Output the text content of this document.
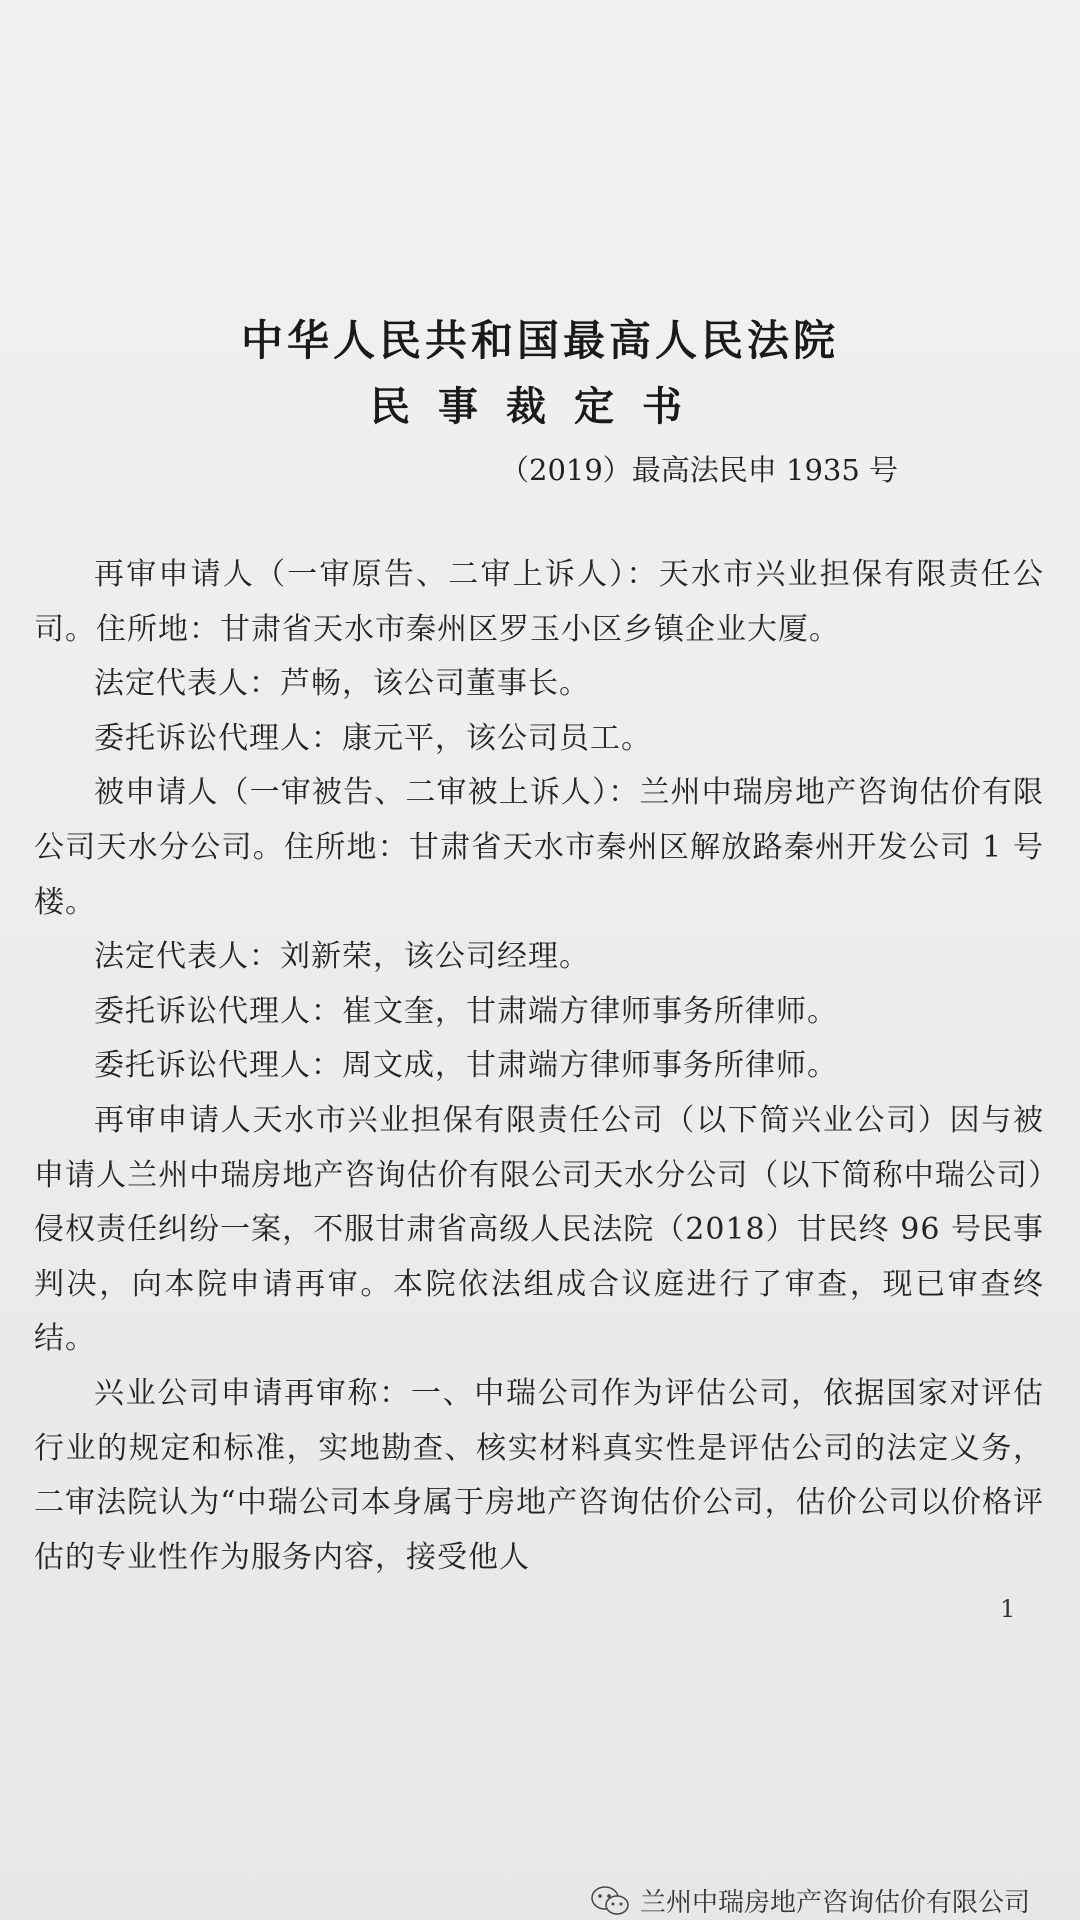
中华人民共和国最高人民法院
民事裁定书
（2019）最高法民申 1935 号

再审申请人（一审原告、二审上诉人）：天水市兴业担保有限责任公司。住所地：甘肃省天水市秦州区罗玉小区乡镇企业大厦。

法定代表人：芦畅，该公司董事长。

委托诉讼代理人：康元平，该公司员工。

被申请人（一审被告、二审被上诉人）：兰州中瑞房地产咨询估价有限公司天水分公司。住所地：甘肃省天水市秦州区解放路秦州开发公司 1 号楼。

法定代表人：刘新荣，该公司经理。

委托诉讼代理人：崔文奎，甘肃端方律师事务所律师。

委托诉讼代理人：周文成，甘肃端方律师事务所律师。

再审申请人天水市兴业担保有限责任公司（以下简兴业公司）因与被申请人兰州中瑞房地产咨询估价有限公司天水分公司（以下简称中瑞公司）侵权责任纠纷一案，不服甘肃省高级人民法院（2018）甘民终 96 号民事判决，向本院申请再审。本院依法组成合议庭进行了审查，现已审查终结。

兴业公司申请再审称：一、中瑞公司作为评估公司，依据国家对评估行业的规定和标准，实地勘查、核实材料真实性是评估公司的法定义务，二审法院认为“中瑞公司本身属于房地产咨询估价公司，估价公司以价格评估的专业性作为服务内容，接受他人

1
兰州中瑞房地产咨询估价有限公司
